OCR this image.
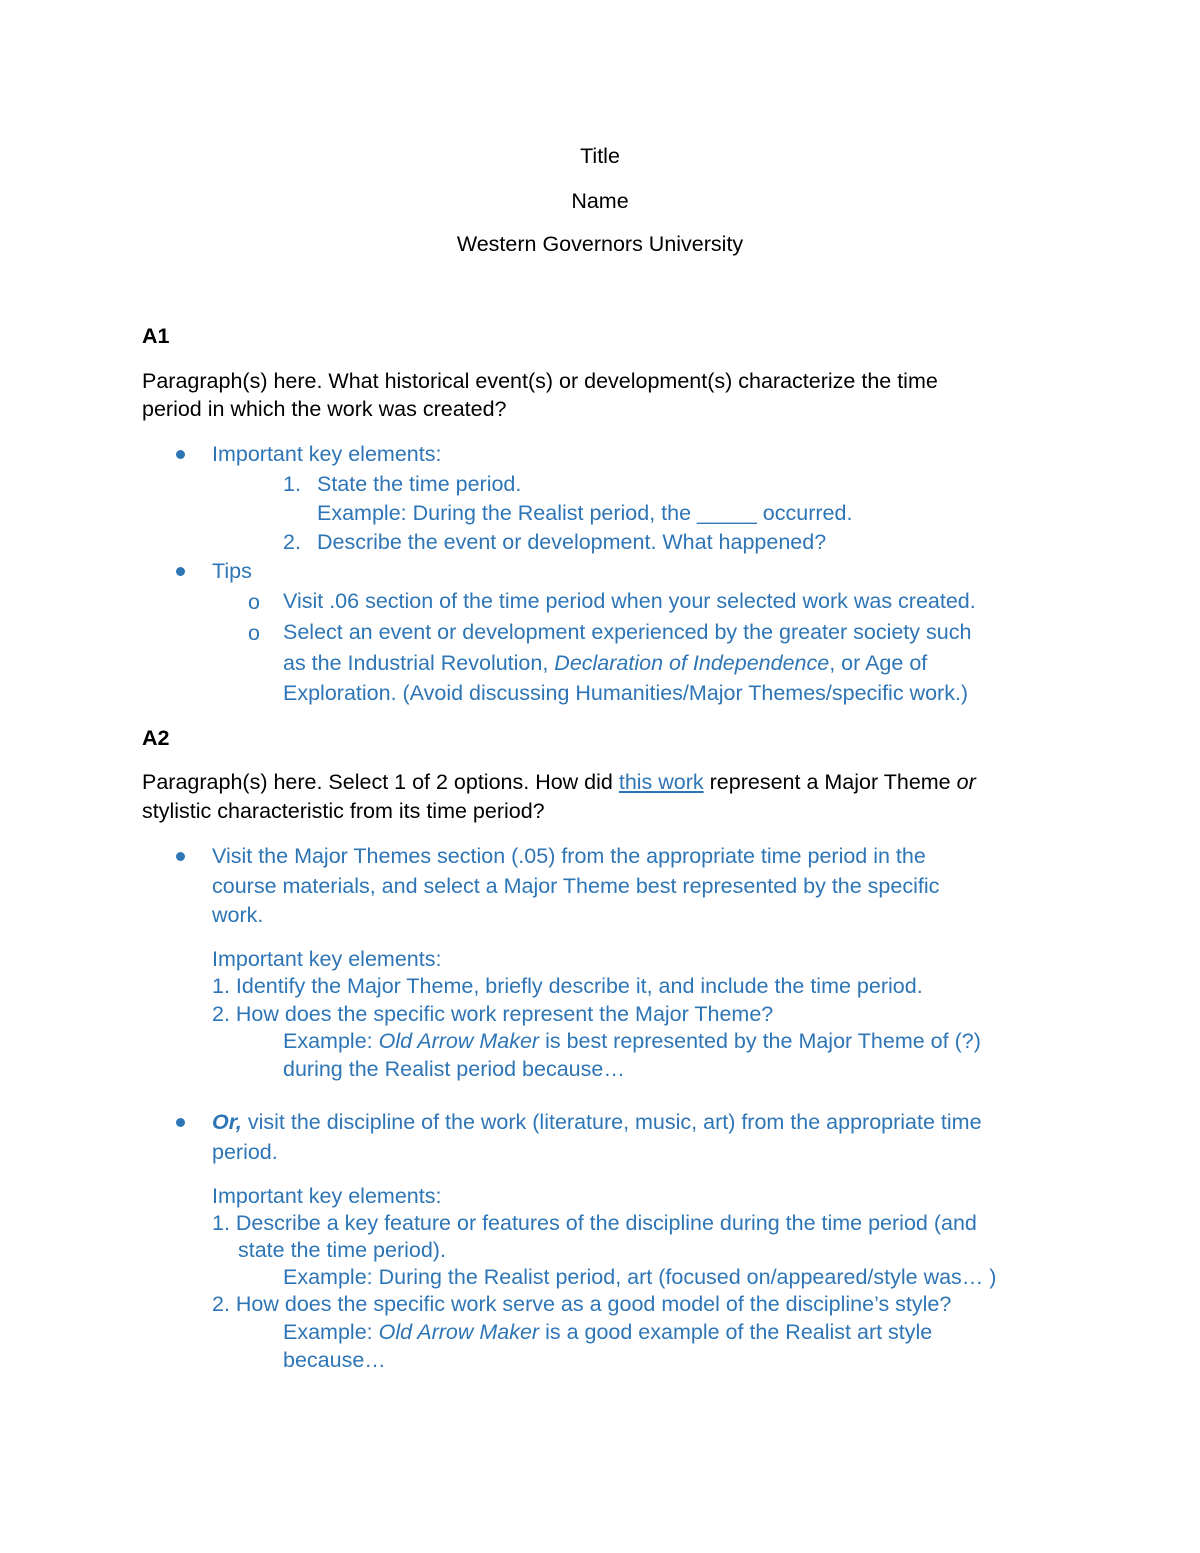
Title
Name
Western Governors University
A1
Paragraph(s) here. What historical event(s) or development(s) characterize the time
period in which the work was created?
Important key elements:
1. State the time period.
Example: During the Realist period, the _____ occurred.
2. Describe the event or development. What happened?
Tips
o Visit .06 section of the time period when your selected work was created.
o Select an event or development experienced by the greater society such
as the Industrial Revolution, Declaration of Independence, or Age of
Exploration. (Avoid discussing Humanities/Major Themes/specific work.)
A2
Paragraph(s) here. Select 1 of 2 options. How did this work represent a Major Theme or
stylistic characteristic from its time period?
Visit the Major Themes section (.05) from the appropriate time period in the
course materials, and select a Major Theme best represented by the specific
work.
Important key elements:
1. Identify the Major Theme, briefly describe it, and include the time period.
2. How does the specific work represent the Major Theme?
Example: Old Arrow Maker is best represented by the Major Theme of (?)
during the Realist period because…
Or, visit the discipline of the work (literature, music, art) from the appropriate time
period.
Important key elements:
1. Describe a key feature or features of the discipline during the time period (and
state the time period).
Example: During the Realist period, art (focused on/appeared/style was… )
2. How does the specific work serve as a good model of the discipline’s style?
Example: Old Arrow Maker is a good example of the Realist art style
because…
